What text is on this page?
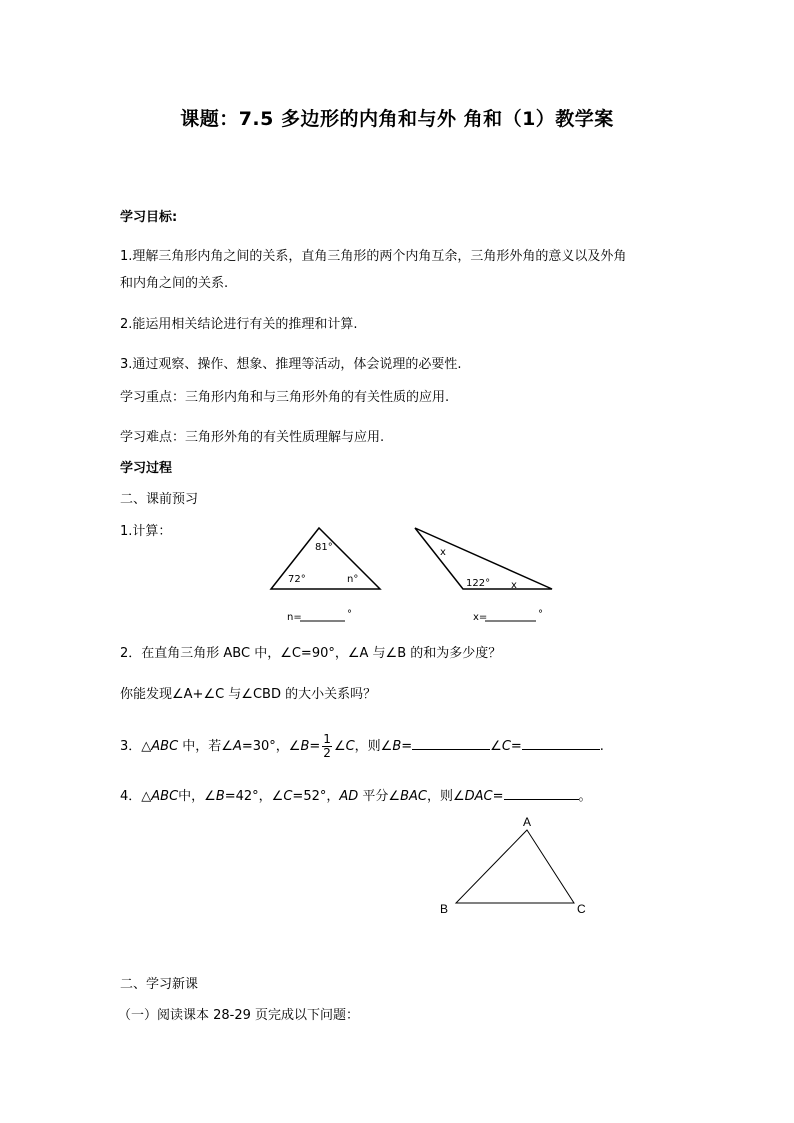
课题：7.5 多边形的内角和与外 角和（1）教学案
学习目标:
1.理解三角形内角之间的关系，直角三角形的两个内角互余，三角形外角的意义以及外角
和内角之间的关系.
2.能运用相关结论进行有关的推理和计算.
3.通过观察、操作、想象、推理等活动，体会说理的必要性.
学习重点：三角形内角和与三角形外角的有关性质的应用.
学习难点：三角形外角的有关性质理解与应用.
学习过程
二、课前预习
1.计算：
81°
72°	n°
n=	°
x
122° x
x=	°
A
B	C
2．在直角三角形 ABC 中，∠C=90°，∠A 与∠B 的和为多少度？
你能发现∠A+∠C 与∠CBD 的大小关系吗？
3．△ABC 中，若∠A=30°，∠B= $\frac{1}{2}$ ∠C，则∠B=	∠C=	.
4．△ABC中，∠B=42°，∠C=52°，AD 平分∠BAC，则∠DAC=	。
二、学习新课
（一）阅读课本 28-29 页完成以下问题：
